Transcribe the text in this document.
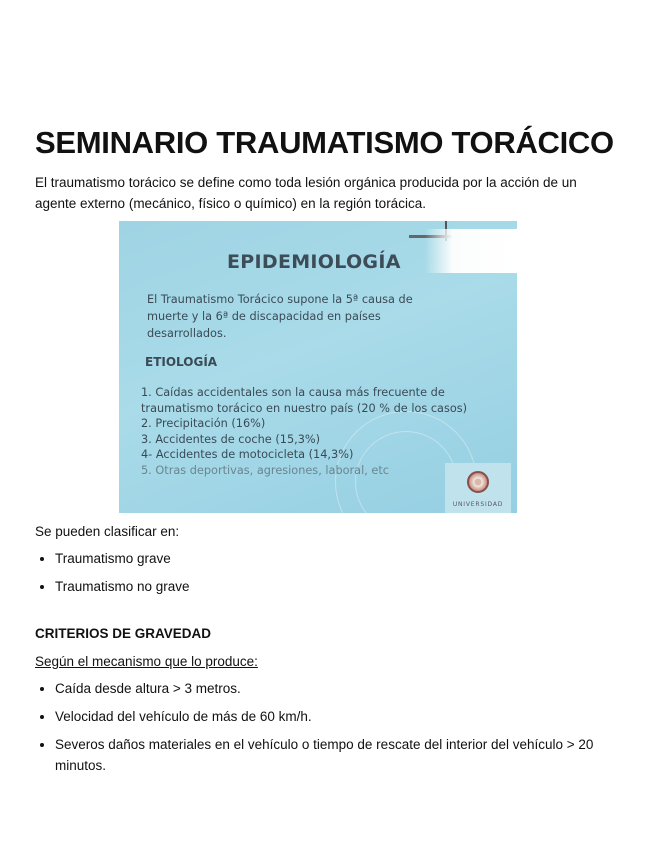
SEMINARIO TRAUMATISMO TORÁCICO

El traumatismo torácico se define como toda lesión orgánica producida por la acción de un agente externo (mecánico, físico o químico) en la región torácica.

EPIDEMIOLOGÍA
El Traumatismo Torácico supone la 5ª causa de muerte y la 6ª de discapacidad en países desarrollados.
ETIOLOGÍA
1. Caídas accidentales son la causa más frecuente de traumatismo torácico en nuestro país (20 % de los casos)
2. Precipitación (16%)
3. Accidentes de coche (15,3%)
4- Accidentes de motocicleta (14,3%)
5. Otras deportivas, agresiones, laboral, etc
UNIVERSIDAD

Se pueden clasificar en:

• Traumatismo grave
• Traumatismo no grave
CRITERIOS DE GRAVEDAD

Según el mecanismo que lo produce:

• Caída desde altura > 3 metros.
• Velocidad del vehículo de más de 60 km/h.
• Severos daños materiales en el vehículo o tiempo de rescate del interior del vehículo > 20 minutos.
